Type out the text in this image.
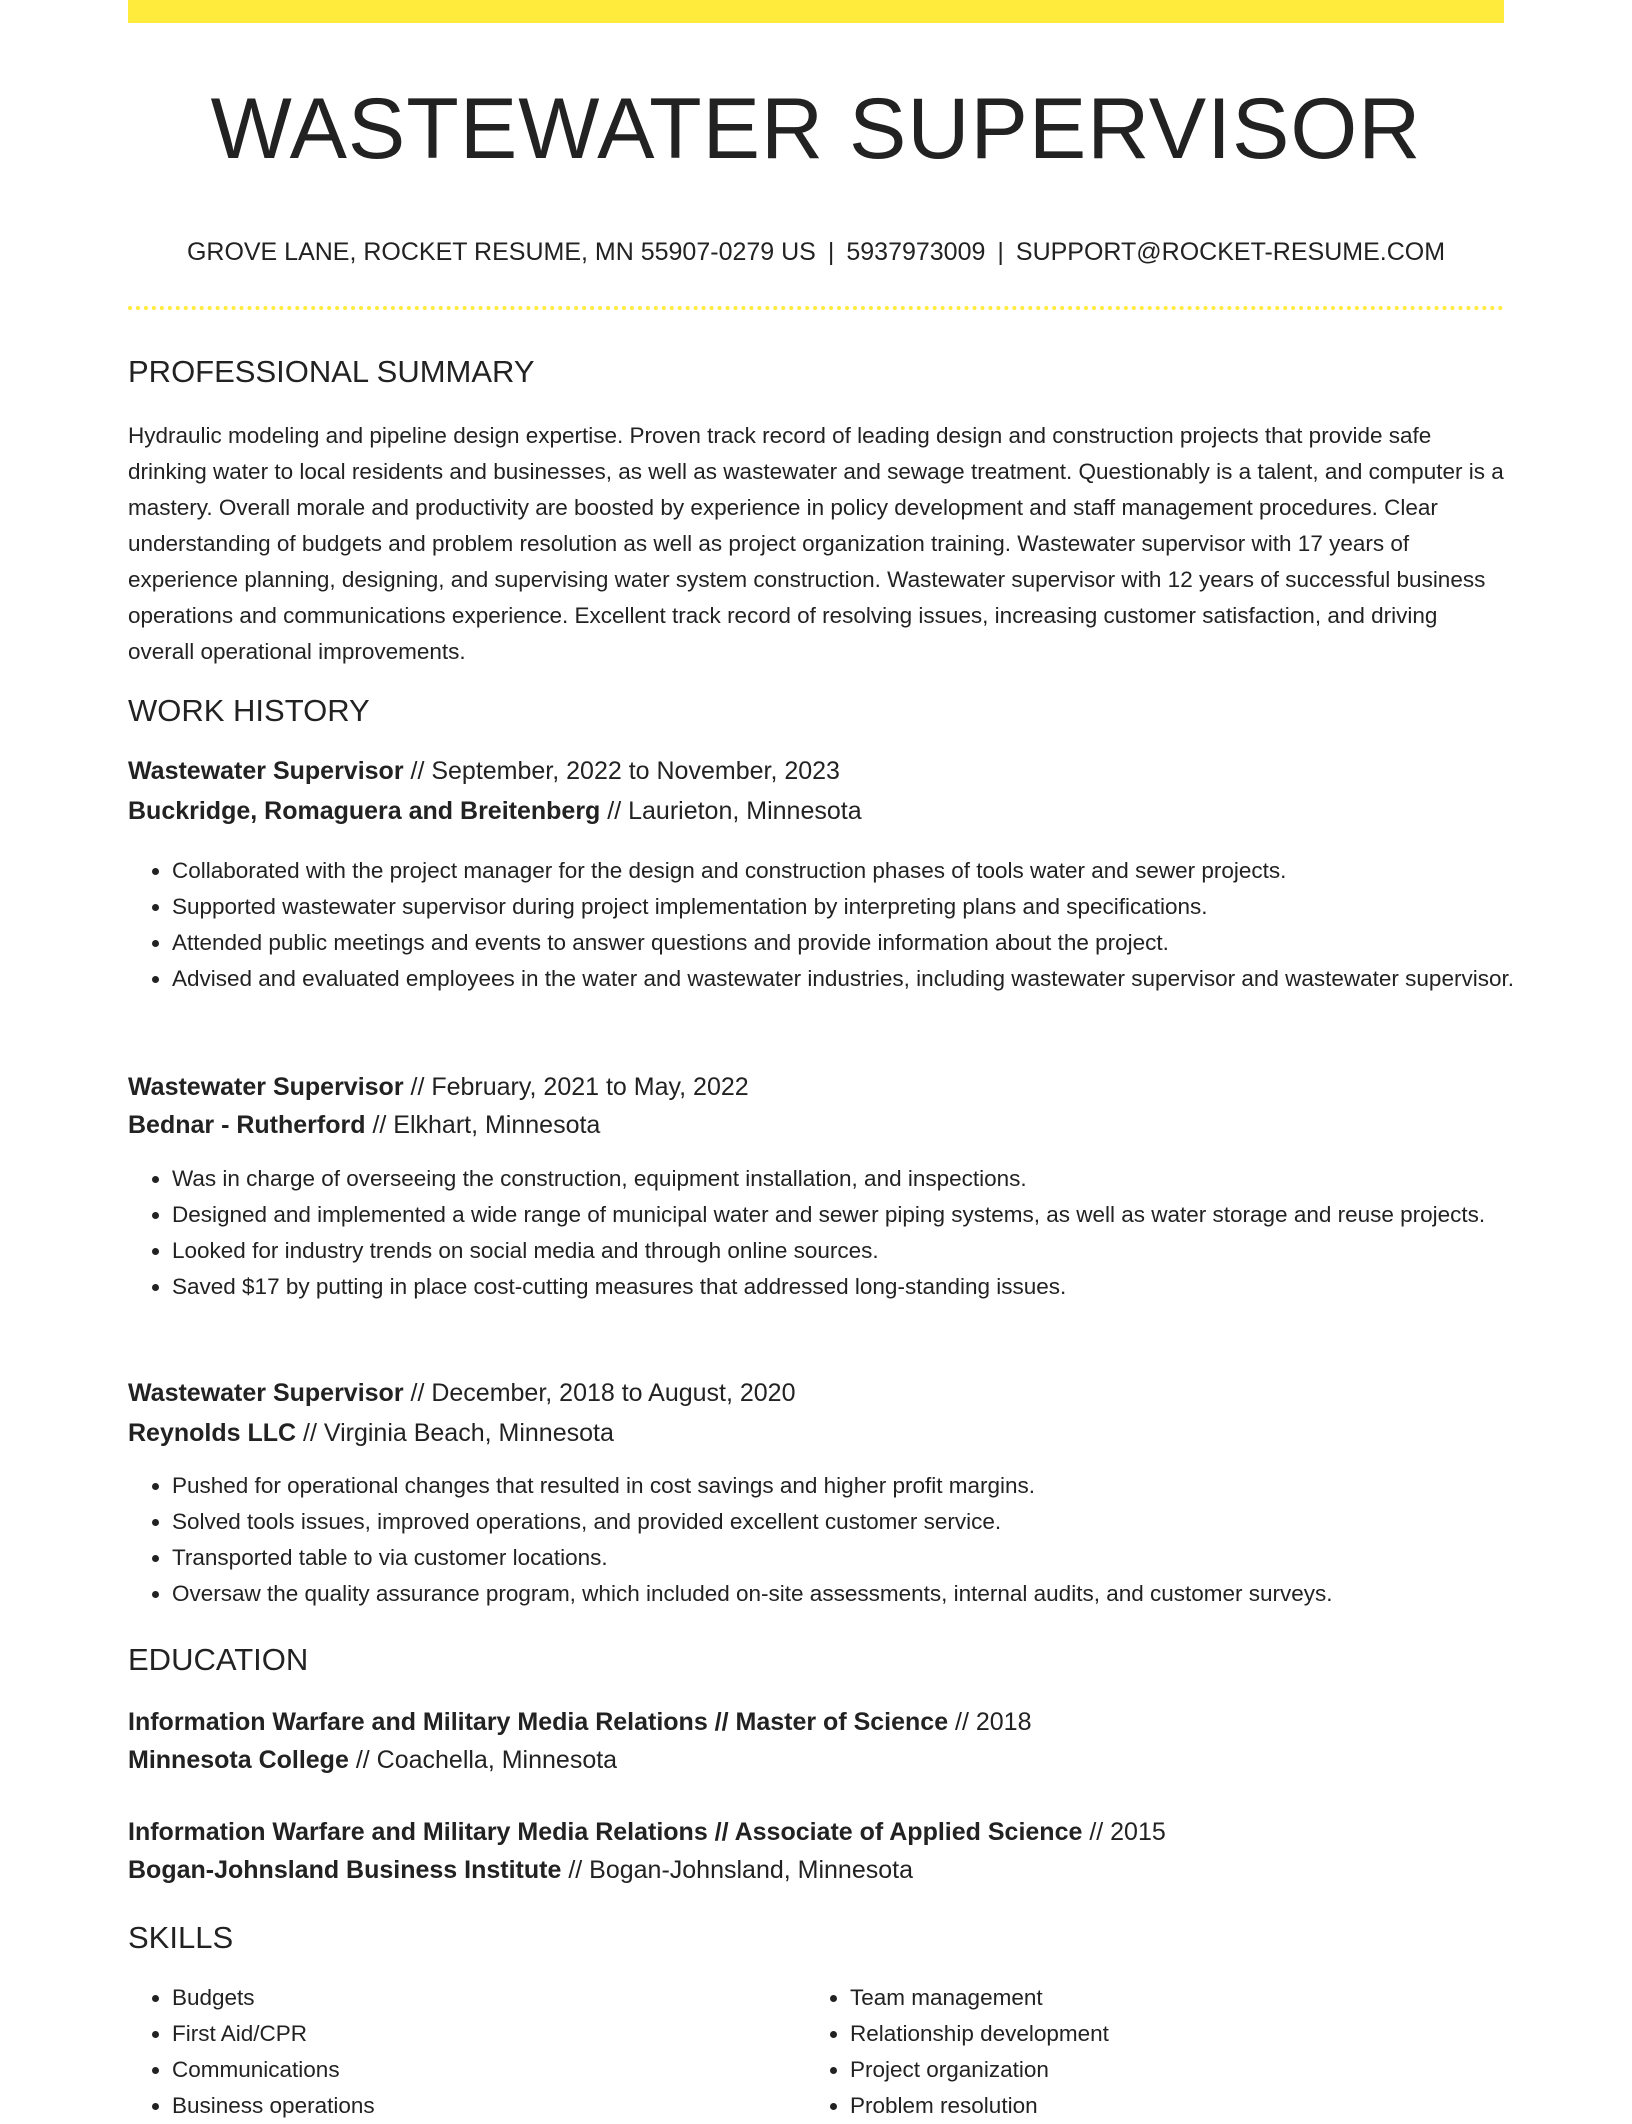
WASTEWATER SUPERVISOR
GROVE LANE, ROCKET RESUME, MN 55907-0279 US | 5937973009 | SUPPORT@ROCKET-RESUME.COM
PROFESSIONAL SUMMARY

Hydraulic modeling and pipeline design expertise. Proven track record of leading design and construction projects that provide safe drinking water to local residents and businesses, as well as wastewater and sewage treatment. Questionably is a talent, and computer is a mastery. Overall morale and productivity are boosted by experience in policy development and staff management procedures. Clear understanding of budgets and problem resolution as well as project organization training. Wastewater supervisor with 17 years of experience planning, designing, and supervising water system construction. Wastewater supervisor with 12 years of successful business operations and communications experience. Excellent track record of resolving issues, increasing customer satisfaction, and driving overall operational improvements.

WORK HISTORY
Wastewater Supervisor // September, 2022 to November, 2023
Buckridge, Romaguera and Breitenberg // Laurieton, Minnesota
• Collaborated with the project manager for the design and construction phases of tools water and sewer projects.
• Supported wastewater supervisor during project implementation by interpreting plans and specifications.
• Attended public meetings and events to answer questions and provide information about the project.
• Advised and evaluated employees in the water and wastewater industries, including wastewater supervisor and wastewater supervisor.
Wastewater Supervisor // February, 2021 to May, 2022
Bednar - Rutherford // Elkhart, Minnesota
• Was in charge of overseeing the construction, equipment installation, and inspections.
• Designed and implemented a wide range of municipal water and sewer piping systems, as well as water storage and reuse projects.
• Looked for industry trends on social media and through online sources.
• Saved $17 by putting in place cost-cutting measures that addressed long-standing issues.
Wastewater Supervisor // December, 2018 to August, 2020
Reynolds LLC // Virginia Beach, Minnesota
• Pushed for operational changes that resulted in cost savings and higher profit margins.
• Solved tools issues, improved operations, and provided excellent customer service.
• Transported table to via customer locations.
• Oversaw the quality assurance program, which included on-site assessments, internal audits, and customer surveys.
EDUCATION
Information Warfare and Military Media Relations // Master of Science // 2018
Minnesota College // Coachella, Minnesota
Information Warfare and Military Media Relations // Associate of Applied Science // 2015
Bogan-Johnsland Business Institute // Bogan-Johnsland, Minnesota
SKILLS
• Budgets
• First Aid/CPR
• Communications
• Business operations
• Team management
• Relationship development
• Project organization
• Problem resolution
